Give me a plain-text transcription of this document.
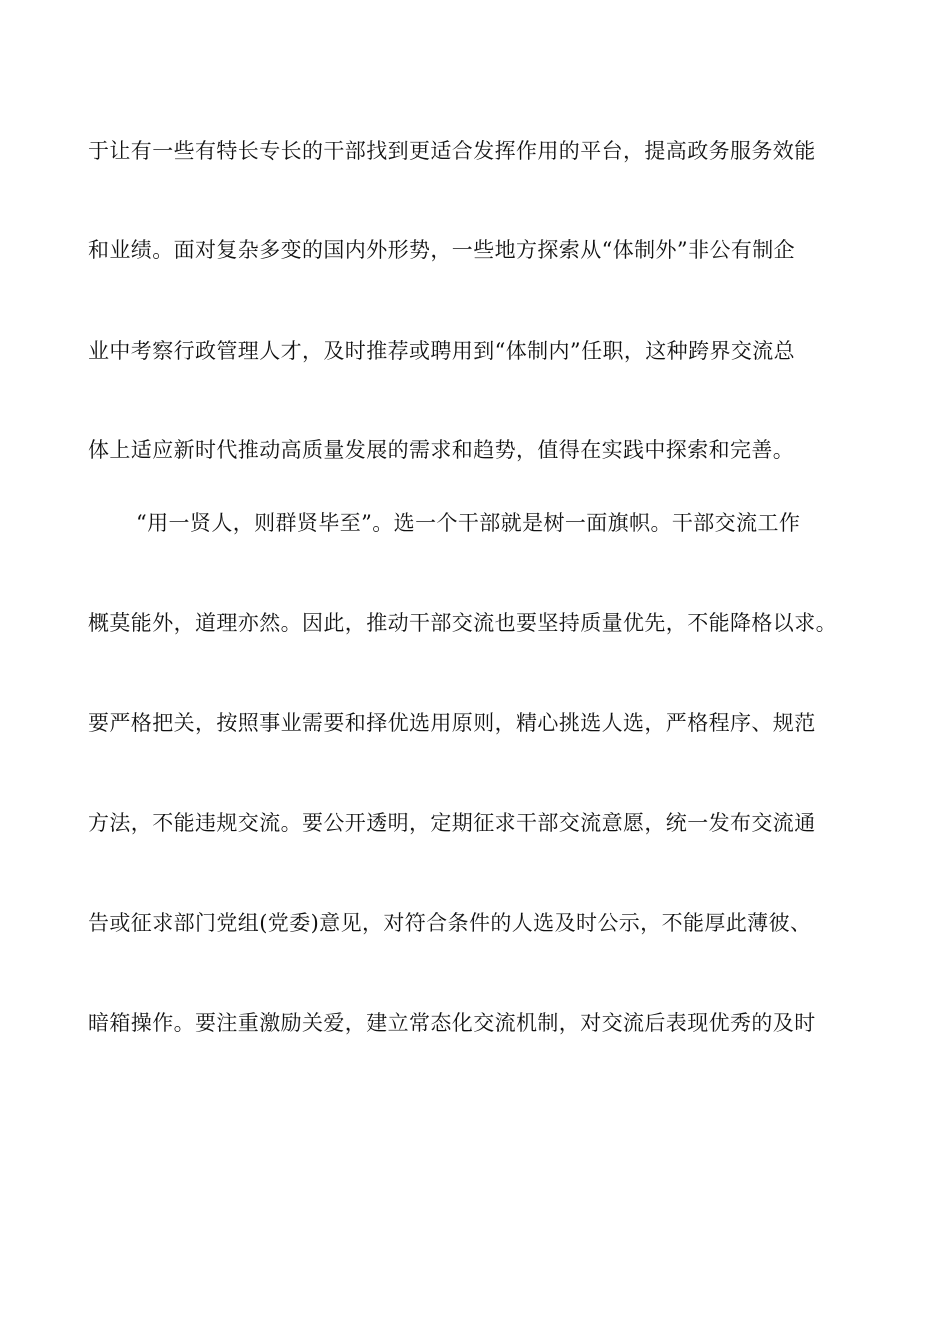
于让有一些有特长专长的干部找到更适合发挥作用的平台，提高政务服务效能
和业绩。面对复杂多变的国内外形势，一些地方探索从“体制外”非公有制企
业中考察行政管理人才，及时推荐或聘用到“体制内”任职，这种跨界交流总
体上适应新时代推动高质量发展的需求和趋势，值得在实践中探索和完善。
“用一贤人，则群贤毕至”。选一个干部就是树一面旗帜。干部交流工作
概莫能外，道理亦然。因此，推动干部交流也要坚持质量优先，不能降格以求。
要严格把关，按照事业需要和择优选用原则，精心挑选人选，严格程序、规范
方法，不能违规交流。要公开透明，定期征求干部交流意愿，统一发布交流通
告或征求部门党组(党委)意见，对符合条件的人选及时公示，不能厚此薄彼、
暗箱操作。要注重激励关爱，建立常态化交流机制，对交流后表现优秀的及时
